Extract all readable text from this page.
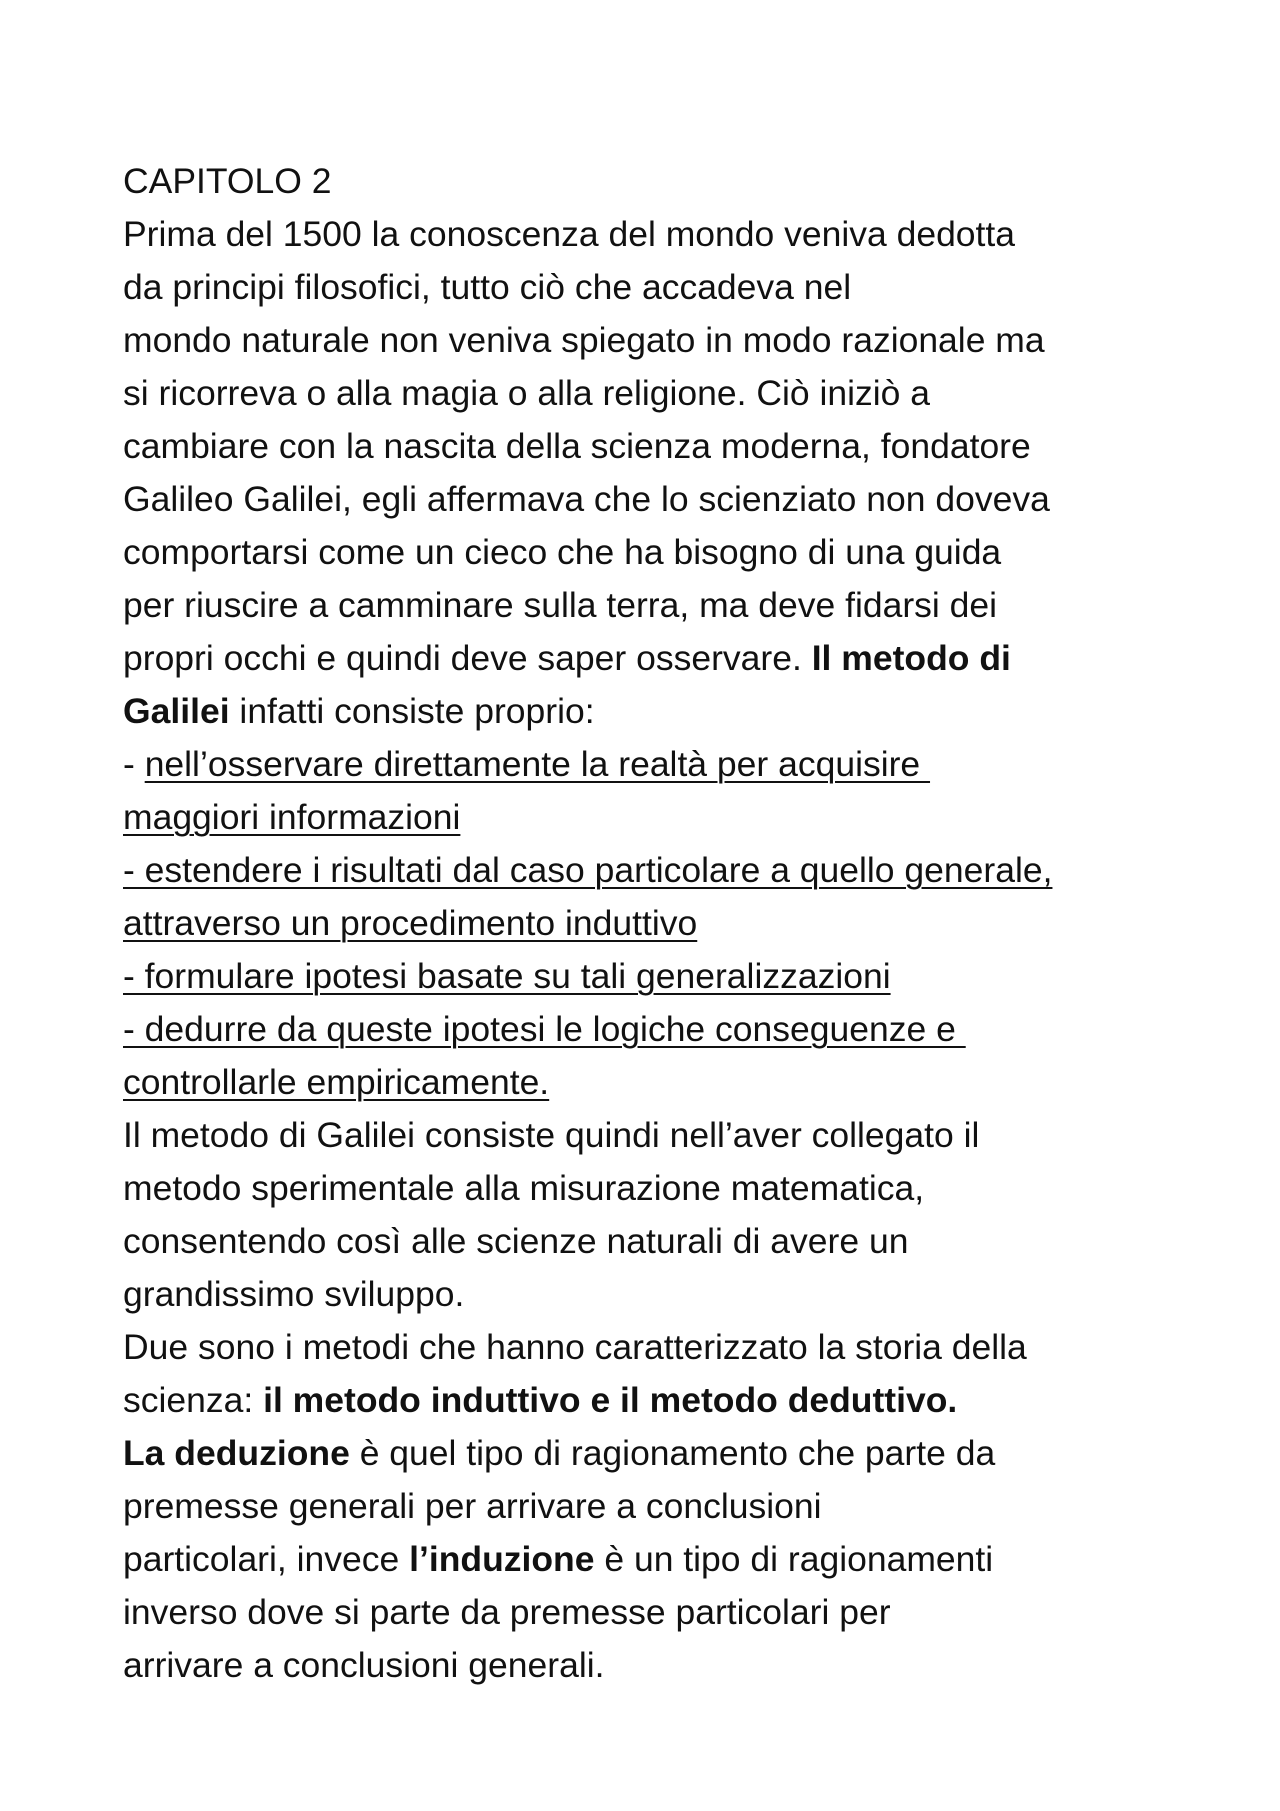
CAPITOLO 2
Prima del 1500 la conoscenza del mondo veniva dedotta
da principi filosofici, tutto ciò che accadeva nel
mondo naturale non veniva spiegato in modo razionale ma
si ricorreva o alla magia o alla religione. Ciò iniziò a
cambiare con la nascita della scienza moderna, fondatore
Galileo Galilei, egli affermava che lo scienziato non doveva
comportarsi come un cieco che ha bisogno di una guida
per riuscire a camminare sulla terra, ma deve fidarsi dei
propri occhi e quindi deve saper osservare. Il metodo di
Galilei infatti consiste proprio:
- nell’osservare direttamente la realtà per acquisire
maggiori informazioni
- estendere i risultati dal caso particolare a quello generale,
attraverso un procedimento induttivo
- formulare ipotesi basate su tali generalizzazioni
- dedurre da queste ipotesi le logiche conseguenze e
controllarle empiricamente.
Il metodo di Galilei consiste quindi nell’aver collegato il
metodo sperimentale alla misurazione matematica,
consentendo così alle scienze naturali di avere un
grandissimo sviluppo.
Due sono i metodi che hanno caratterizzato la storia della
scienza: il metodo induttivo e il metodo deduttivo.
La deduzione è quel tipo di ragionamento che parte da
premesse generali per arrivare a conclusioni
particolari, invece l’induzione è un tipo di ragionamenti
inverso dove si parte da premesse particolari per
arrivare a conclusioni generali.
